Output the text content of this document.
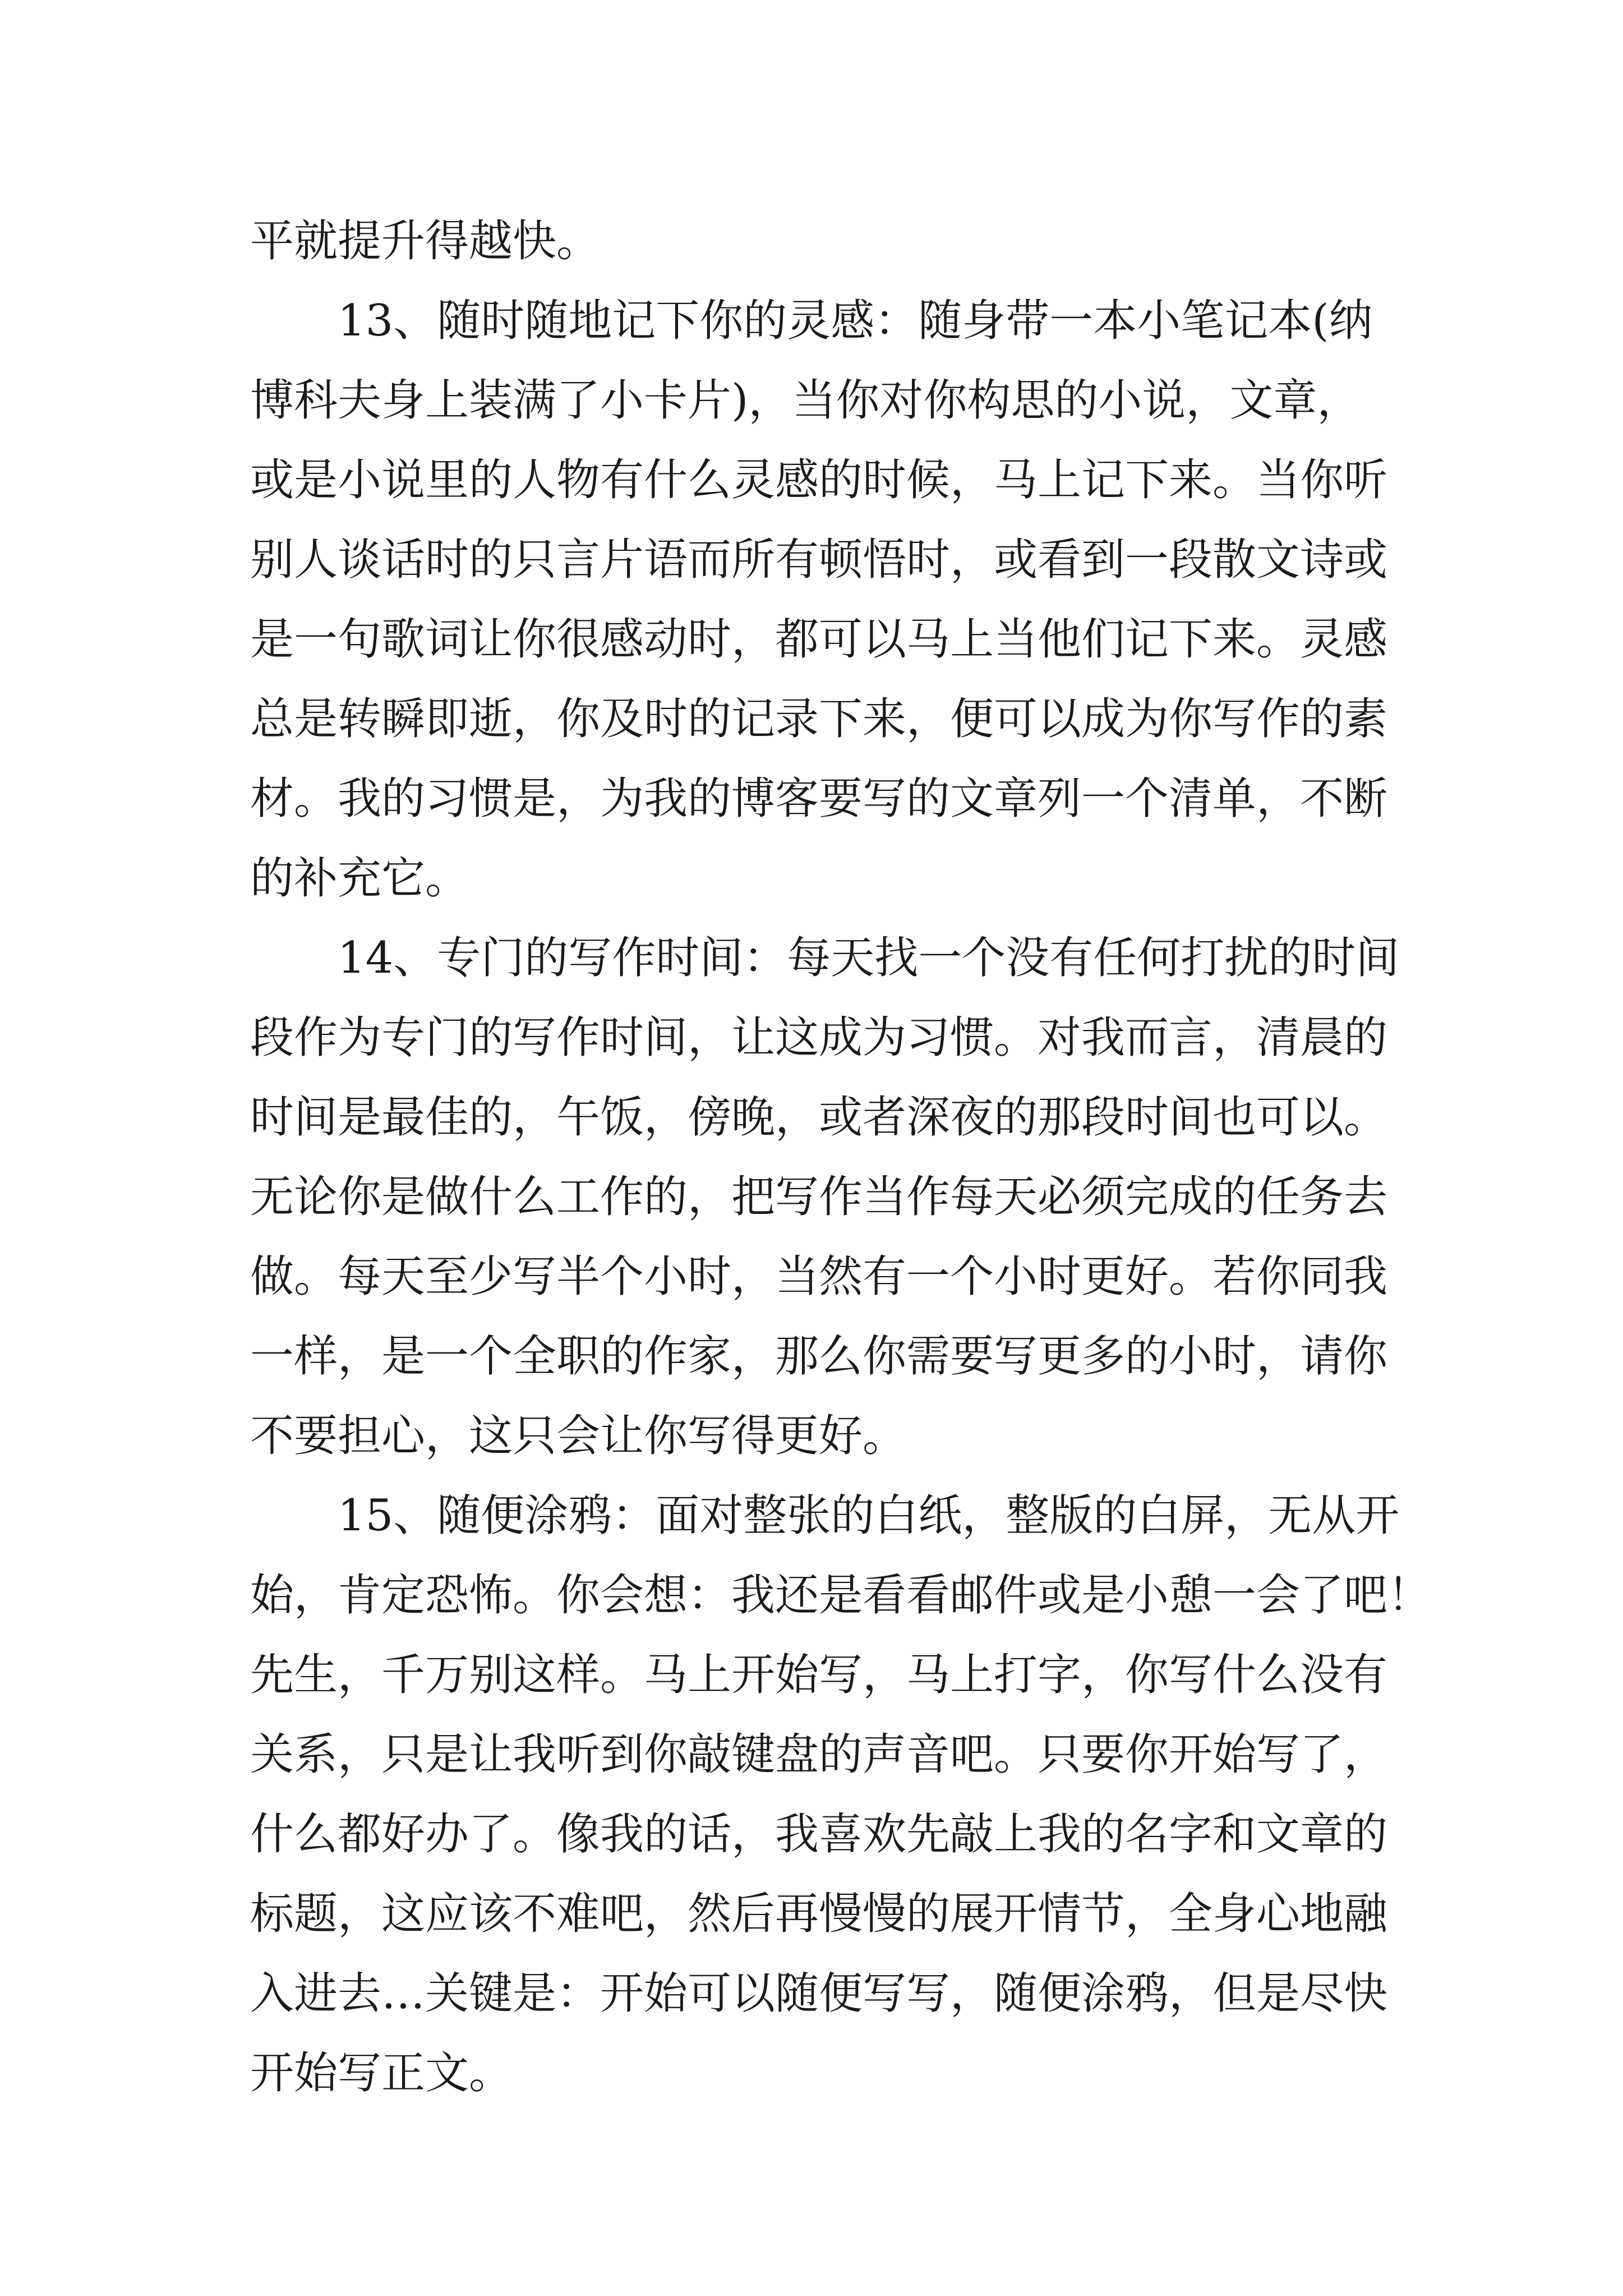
平就提升得越快。

13、随时随地记下你的灵感：随身带一本小笔记本(纳

博科夫身上装满了小卡片)，当你对你构思的小说，文章，

或是小说里的人物有什么灵感的时候，马上记下来。当你听

别人谈话时的只言片语而所有顿悟时，或看到一段散文诗或

是一句歌词让你很感动时，都可以马上当他们记下来。灵感

总是转瞬即逝，你及时的记录下来，便可以成为你写作的素

材。我的习惯是，为我的博客要写的文章列一个清单，不断

的补充它。

14、专门的写作时间：每天找一个没有任何打扰的时间

段作为专门的写作时间，让这成为习惯。对我而言，清晨的

时间是最佳的，午饭，傍晚，或者深夜的那段时间也可以。

无论你是做什么工作的，把写作当作每天必须完成的任务去

做。每天至少写半个小时，当然有一个小时更好。若你同我

一样，是一个全职的作家，那么你需要写更多的小时，请你

不要担心，这只会让你写得更好。

15、随便涂鸦：面对整张的白纸，整版的白屏，无从开

始，肯定恐怖。你会想：我还是看看邮件或是小憩一会了吧！

先生，千万别这样。马上开始写，马上打字，你写什么没有

关系，只是让我听到你敲键盘的声音吧。只要你开始写了，

什么都好办了。像我的话，我喜欢先敲上我的名字和文章的

标题，这应该不难吧，然后再慢慢的展开情节，全身心地融

入进去…关键是：开始可以随便写写，随便涂鸦，但是尽快

开始写正文。
